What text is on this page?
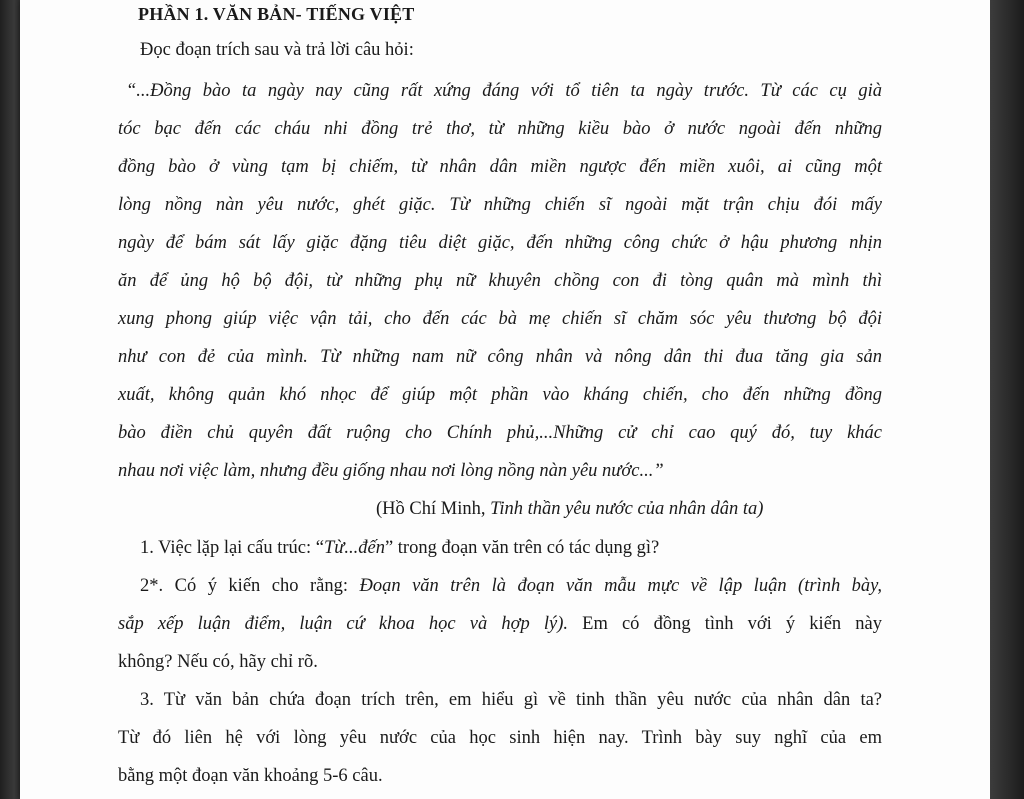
PHẦN 1. VĂN BẢN- TIẾNG VIỆT
Đọc đoạn trích sau và trả lời câu hỏi:
“...Đồng bào ta ngày nay cũng rất xứng đáng với tổ tiên ta ngày trước. Từ các cụ già
tóc bạc đến các cháu nhi đồng trẻ thơ, từ những kiều bào ở nước ngoài đến những
đồng bào ở vùng tạm bị chiếm, từ nhân dân miền ngược đến miền xuôi, ai cũng một
lòng nồng nàn yêu nước, ghét giặc. Từ những chiến sĩ ngoài mặt trận chịu đói mấy
ngày để bám sát lấy giặc đặng tiêu diệt giặc, đến những công chức ở hậu phương nhịn
ăn để ủng hộ bộ đội, từ những phụ nữ khuyên chồng con đi tòng quân mà mình thì
xung phong giúp việc vận tải, cho đến các bà mẹ chiến sĩ chăm sóc yêu thương bộ đội
như con đẻ của mình. Từ những nam nữ công nhân và nông dân thi đua tăng gia sản
xuất, không quản khó nhọc để giúp một phần vào kháng chiến, cho đến những đồng
bào điền chủ quyên đất ruộng cho Chính phủ,...Những cử chỉ cao quý đó, tuy khác
nhau nơi việc làm, nhưng đều giống nhau nơi lòng nồng nàn yêu nước...”
(Hồ Chí Minh, Tinh thần yêu nước của nhân dân ta)
1. Việc lặp lại cấu trúc: “Từ...đến” trong đoạn văn trên có tác dụng gì?
2*. Có ý kiến cho rằng: Đoạn văn trên là đoạn văn mẫu mực về lập luận (trình bày,
sắp xếp luận điểm, luận cứ khoa học và hợp lý). Em có đồng tình với ý kiến này
không? Nếu có, hãy chỉ rõ.
3. Từ văn bản chứa đoạn trích trên, em hiểu gì về tinh thần yêu nước của nhân dân ta?
Từ đó liên hệ với lòng yêu nước của học sinh hiện nay. Trình bày suy nghĩ của em
bằng một đoạn văn khoảng 5-6 câu.
